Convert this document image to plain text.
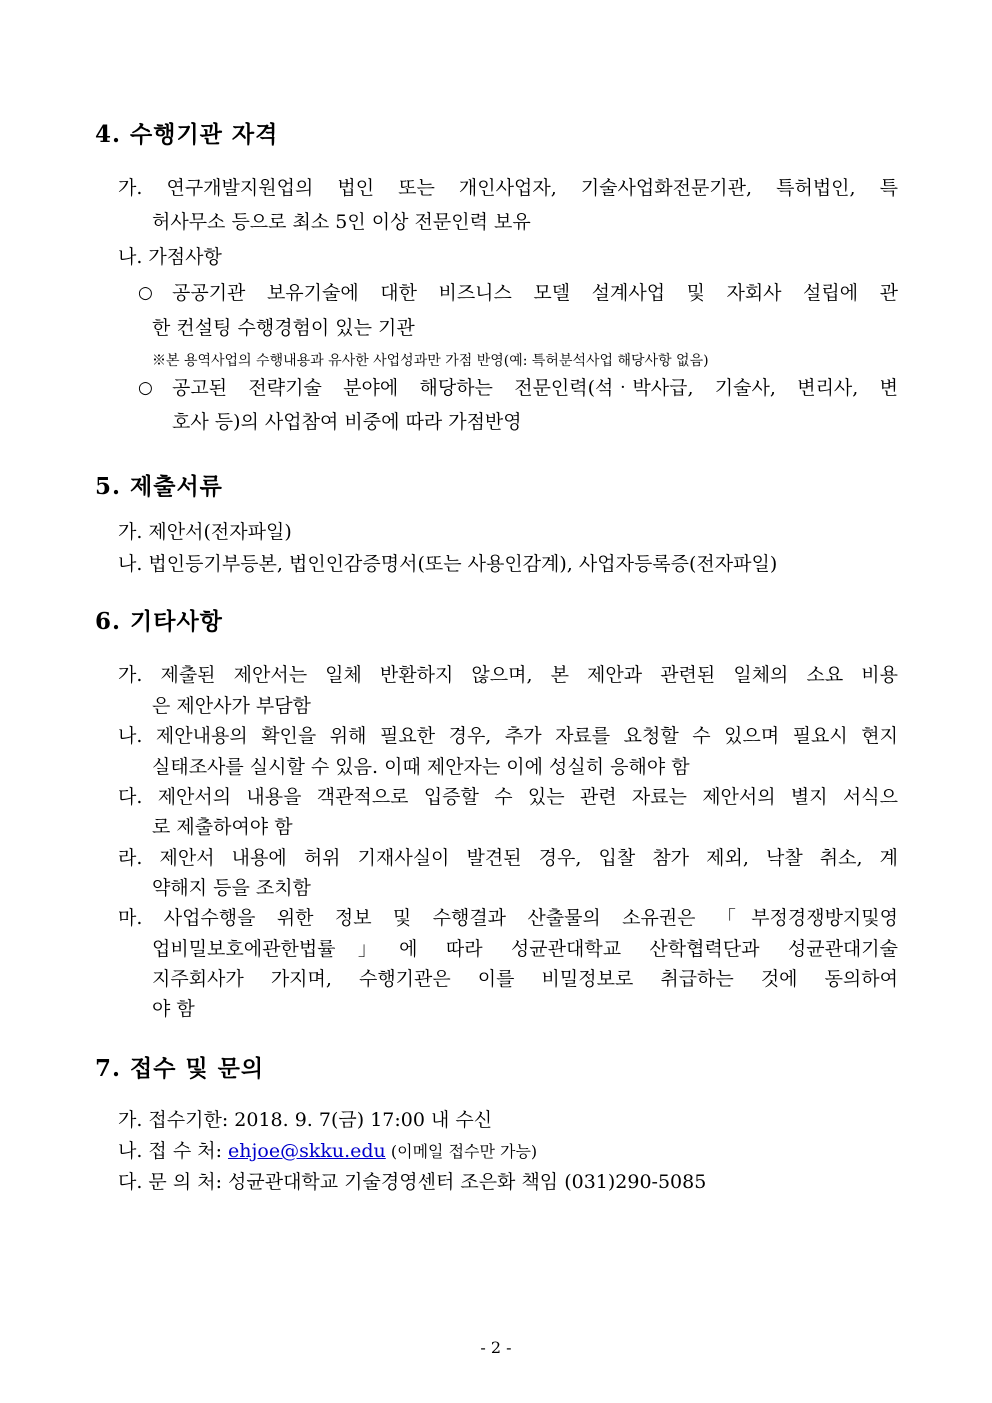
4. 수행기관 자격
가. 연구개발지원업의 법인 또는 개인사업자, 기술사업화전문기관, 특허법인, 특
허사무소 등으로 최소 5인 이상 전문인력 보유
나. 가점사항
○ 공공기관 보유기술에 대한 비즈니스 모델 설계사업 및 자회사 설립에 관
한 컨설팅 수행경험이 있는 기관
※본 용역사업의 수행내용과 유사한 사업성과만 가점 반영(예: 특허분석사업 해당사항 없음)
○ 공고된 전략기술 분야에 해당하는 전문인력(석‧박사급, 기술사, 변리사, 변
호사 등)의 사업참여 비중에 따라 가점반영
5. 제출서류
가. 제안서(전자파일)
나. 법인등기부등본, 법인인감증명서(또는 사용인감계), 사업자등록증(전자파일)
6. 기타사항
가. 제출된 제안서는 일체 반환하지 않으며, 본 제안과 관련된 일체의 소요 비용
은 제안사가 부담함
나. 제안내용의 확인을 위해 필요한 경우, 추가 자료를 요청할 수 있으며 필요시 현지
실태조사를 실시할 수 있음. 이때 제안자는 이에 성실히 응해야 함
다. 제안서의 내용을 객관적으로 입증할 수 있는 관련 자료는 제안서의 별지 서식으
로 제출하여야 함
라. 제안서 내용에 허위 기재사실이 발견된 경우, 입찰 참가 제외, 낙찰 취소, 계
약해지 등을 조치함
마. 사업수행을 위한 정보 및 수행결과 산출물의 소유권은 「부정경쟁방지및영
업비밀보호에관한법률」에 따라 성균관대학교 산학협력단과 성균관대기술
지주회사가 가지며, 수행기관은 이를 비밀정보로 취급하는 것에 동의하여
야 함
7. 접수 및 문의
가. 접수기한: 2018. 9. 7(금) 17:00 내 수신
나. 접 수 처: ehjoe@skku.edu (이메일 접수만 가능)
다. 문 의 처: 성균관대학교 기술경영센터 조은화 책임 (031)290-5085
- 2 -
